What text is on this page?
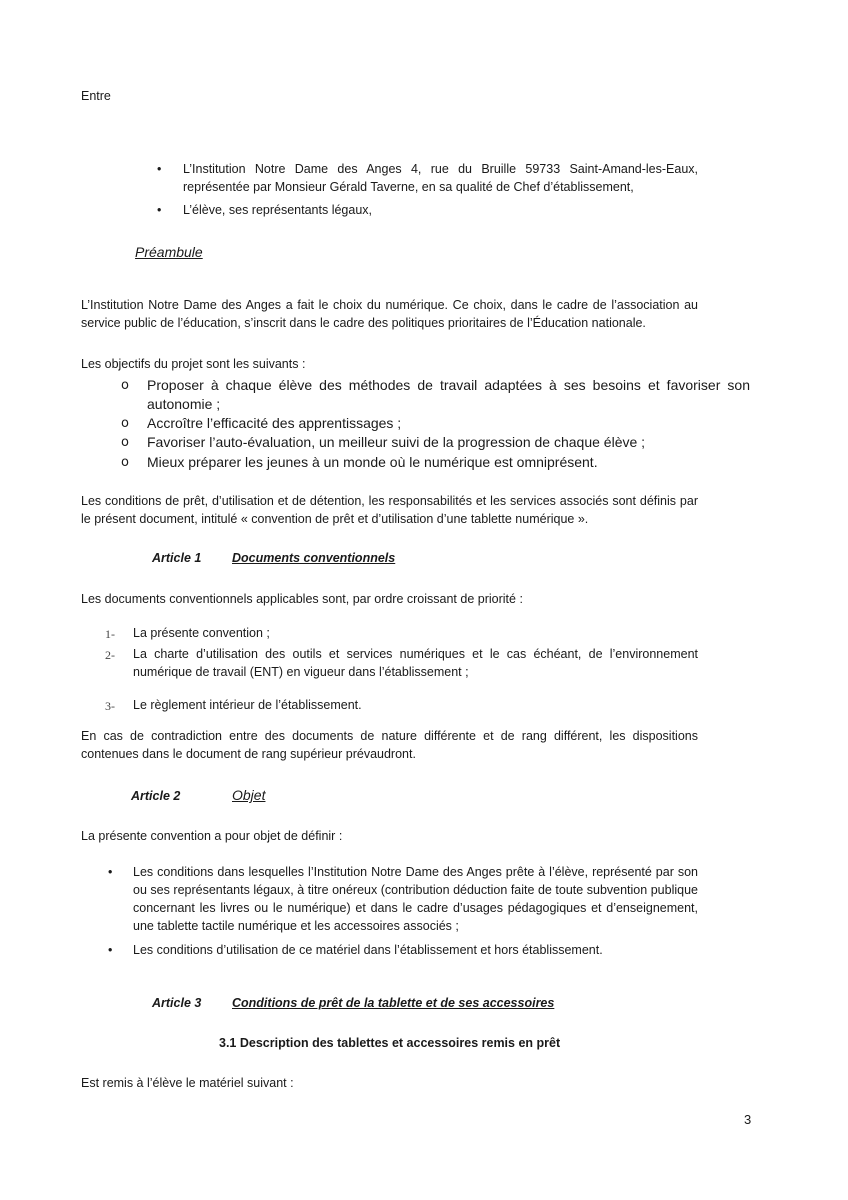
Entre
• L’Institution Notre Dame des Anges 4, rue du Bruille 59733 Saint-Amand-les-Eaux, représentée par Monsieur Gérald Taverne, en sa qualité de Chef d’établissement,
• L’élève, ses représentants légaux,
Préambule
L’Institution Notre Dame des Anges a fait le choix du numérique. Ce choix, dans le cadre de l’association au service public de l’éducation, s’inscrit dans le cadre des politiques prioritaires de l’Éducation nationale.
Les objectifs du projet sont les suivants :
o Proposer à chaque élève des méthodes de travail adaptées à ses besoins et favoriser son autonomie ;
o Accroître l’efficacité des apprentissages ;
o Favoriser l’auto-évaluation, un meilleur suivi de la progression de chaque élève ;
o Mieux préparer les jeunes à un monde où le numérique est omniprésent.
Les conditions de prêt, d’utilisation et de détention, les responsabilités et les services associés sont définis par le présent document, intitulé « convention de prêt et d’utilisation d’une tablette numérique ».
Article 1 Documents conventionnels
Les documents conventionnels applicables sont, par ordre croissant de priorité :
1- La présente convention ;
2- La charte d’utilisation des outils et services numériques et le cas échéant, de l’environnement numérique de travail (ENT) en vigueur dans l’établissement ;
3- Le règlement intérieur de l’établissement.
En cas de contradiction entre des documents de nature différente et de rang différent, les dispositions contenues dans le document de rang supérieur prévaudront.
Article 2	Objet
La présente convention a pour objet de définir :
• Les conditions dans lesquelles l’Institution Notre Dame des Anges prête à l’élève, représenté par son ou ses représentants légaux, à titre onéreux (contribution déduction faite de toute subvention publique concernant les livres ou le numérique) et dans le cadre d’usages pédagogiques et d’enseignement, une tablette tactile numérique et les accessoires associés ;
• Les conditions d’utilisation de ce matériel dans l’établissement et hors établissement.
Article 3 Conditions de prêt de la tablette et de ses accessoires
3.1 Description des tablettes et accessoires remis en prêt
Est remis à l’élève le matériel suivant :
3
